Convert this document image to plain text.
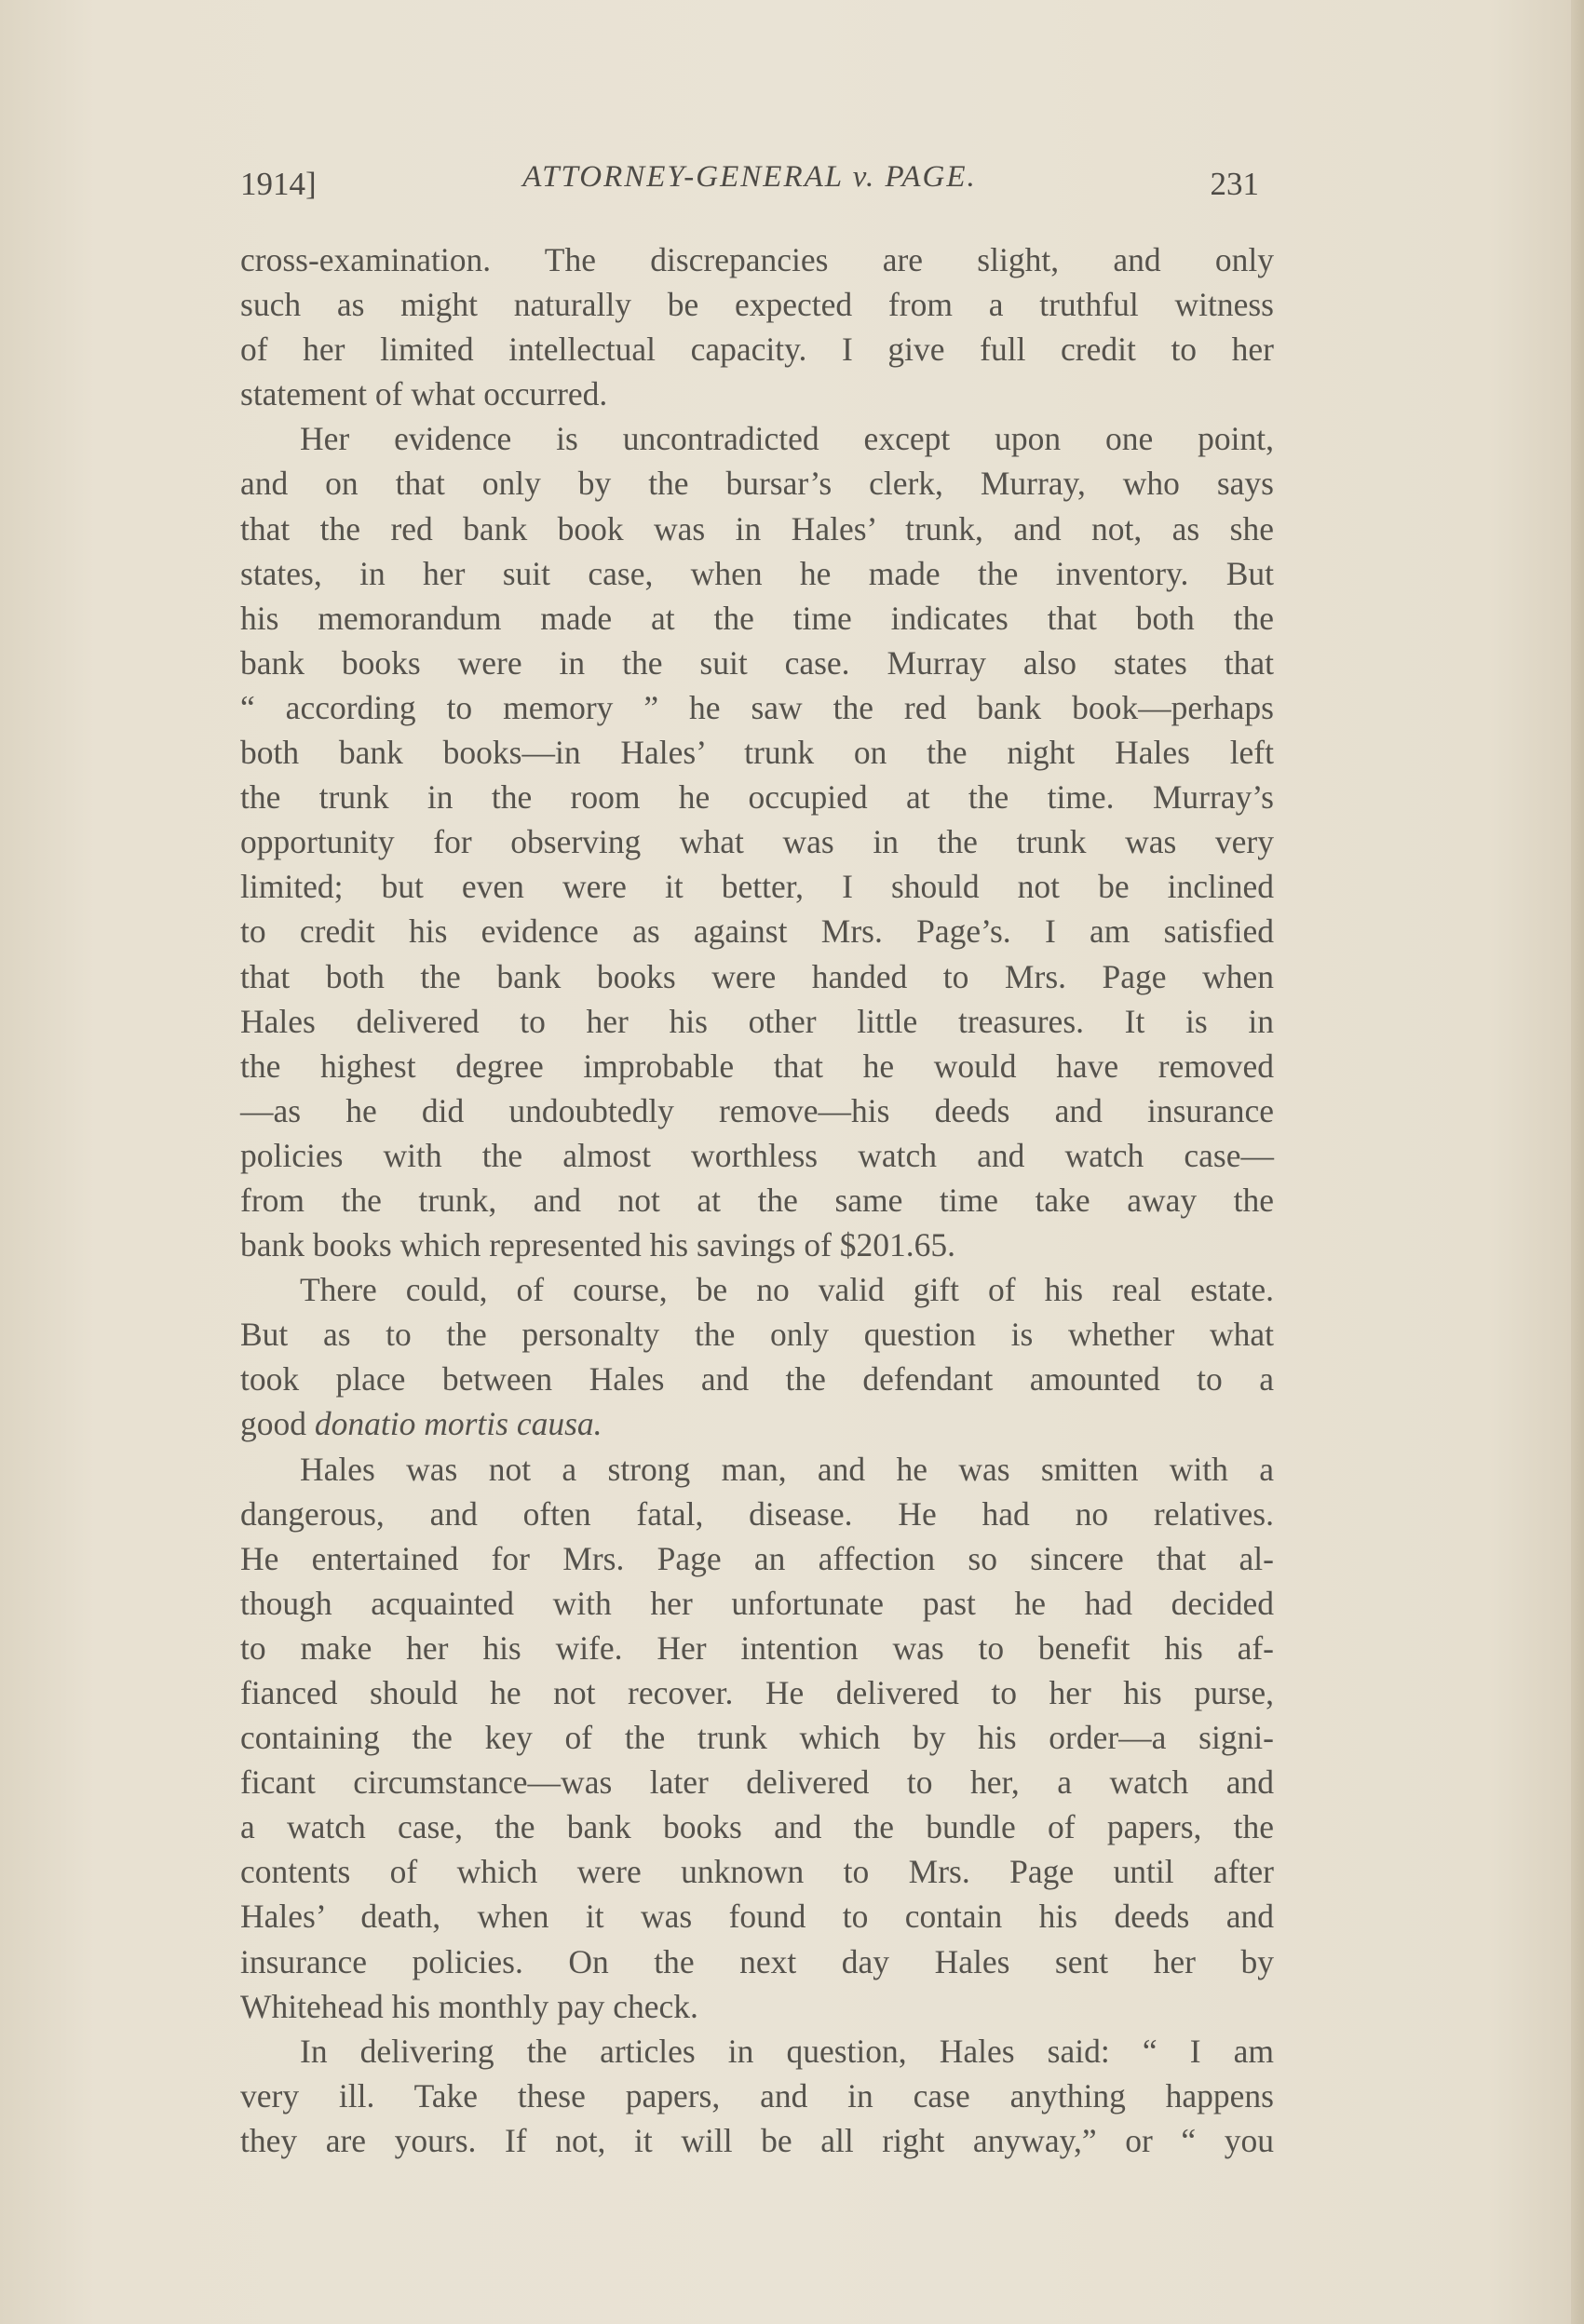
1914]	ATTORNEY-GENERAL v. PAGE.	231
cross-examination. The discrepancies are slight, and only
such as might naturally be expected from a truthful witness
of her limited intellectual capacity. I give full credit to her
statement of what occurred.
Her evidence is uncontradicted except upon one point,
and on that only by the bursar’s clerk, Murray, who says
that the red bank book was in Hales’ trunk, and not, as she
states, in her suit case, when he made the inventory. But
his memorandum made at the time indicates that both the
bank books were in the suit case. Murray also states that
“ according to memory ” he saw the red bank book—perhaps
both bank books—in Hales’ trunk on the night Hales left
the trunk in the room he occupied at the time. Murray’s
opportunity for observing what was in the trunk was very
limited; but even were it better, I should not be inclined
to credit his evidence as against Mrs. Page’s. I am satisfied
that both the bank books were handed to Mrs. Page when
Hales delivered to her his other little treasures. It is in
the highest degree improbable that he would have removed
—as he did undoubtedly remove—his deeds and insurance
policies with the almost worthless watch and watch case—
from the trunk, and not at the same time take away the
bank books which represented his savings of $201.65.
There could, of course, be no valid gift of his real estate.
But as to the personalty the only question is whether what
took place between Hales and the defendant amounted to a
good donatio mortis causa.
Hales was not a strong man, and he was smitten with a
dangerous, and often fatal, disease. He had no relatives.
He entertained for Mrs. Page an affection so sincere that al-
though acquainted with her unfortunate past he had decided
to make her his wife. Her intention was to benefit his af-
fianced should he not recover. He delivered to her his purse,
containing the key of the trunk which by his order—a signi-
ficant circumstance—was later delivered to her, a watch and
a watch case, the bank books and the bundle of papers, the
contents of which were unknown to Mrs. Page until after
Hales’ death, when it was found to contain his deeds and
insurance policies. On the next day Hales sent her by
Whitehead his monthly pay check.
In delivering the articles in question, Hales said: “ I am
very ill. Take these papers, and in case anything happens
they are yours. If not, it will be all right anyway,” or “ you
